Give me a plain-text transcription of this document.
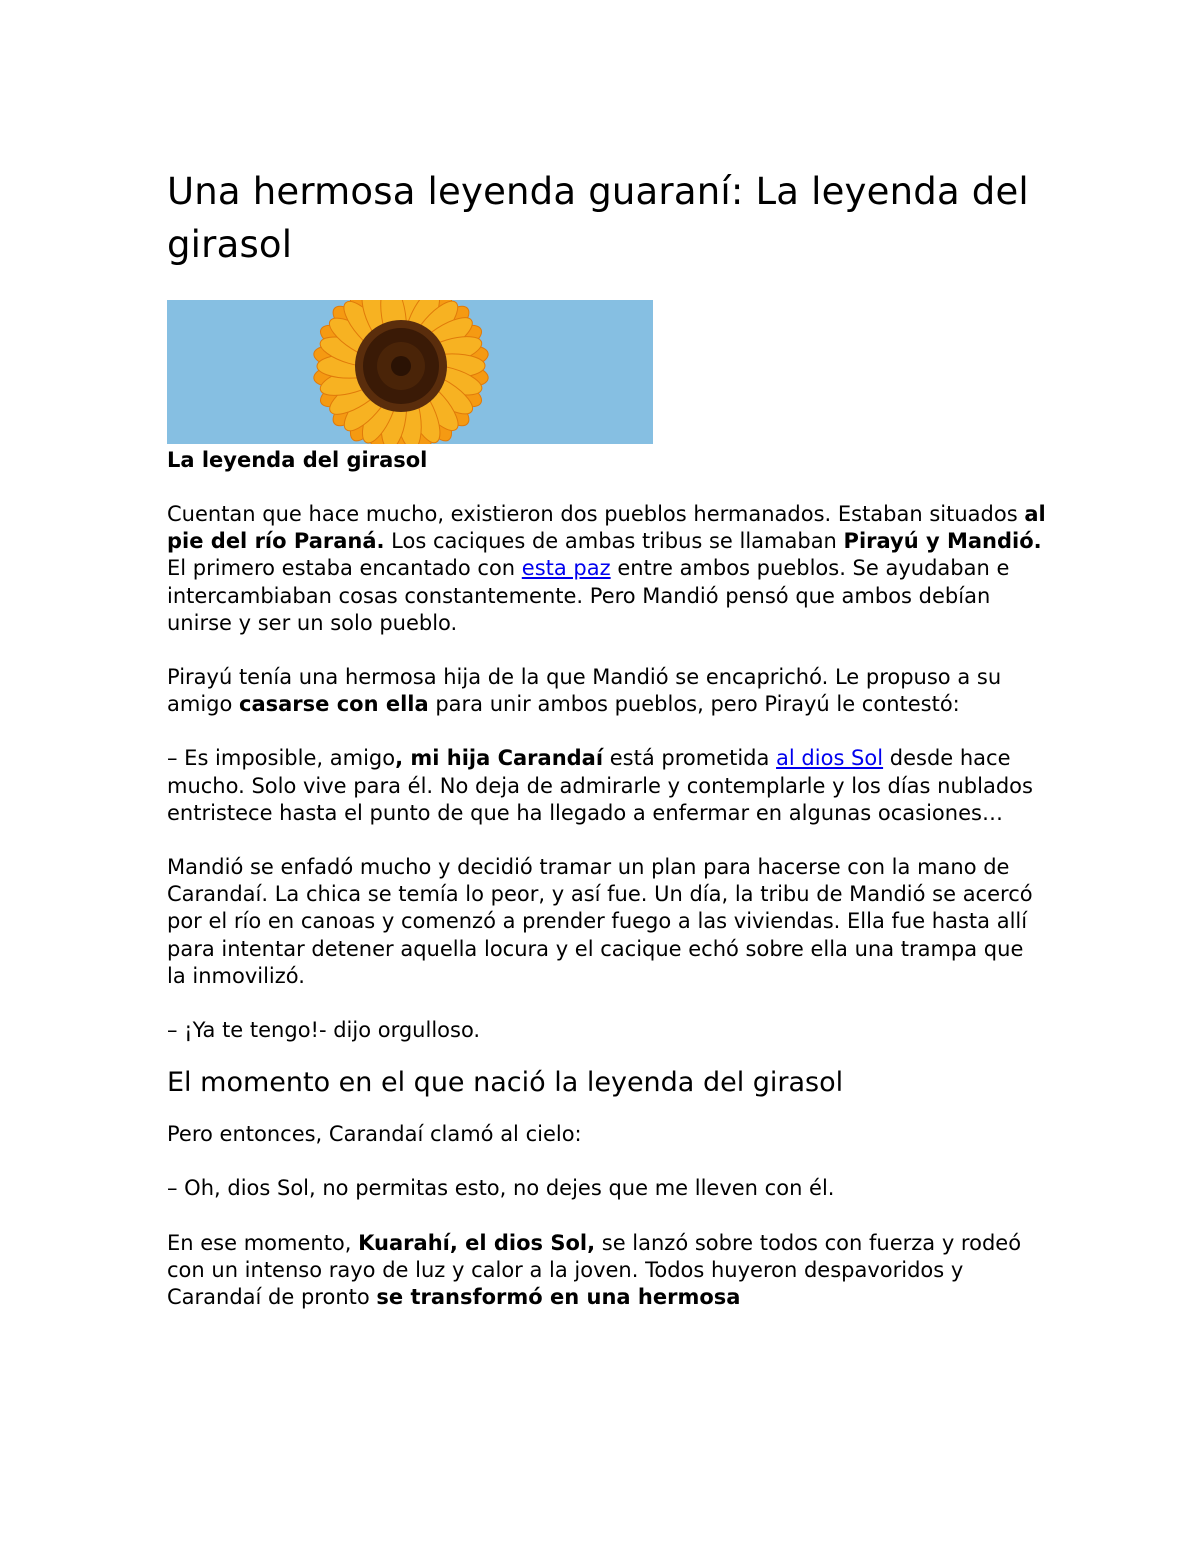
Una hermosa leyenda guaraní: La leyenda del girasol
La leyenda del girasol

Cuentan que hace mucho, existieron dos pueblos hermanados. Estaban situados al pie del río Paraná. Los caciques de ambas tribus se llamaban Pirayú y Mandió. El primero estaba encantado con esta paz entre ambos pueblos. Se ayudaban e intercambiaban cosas constantemente. Pero Mandió pensó que ambos debían unirse y ser un solo pueblo.

Pirayú tenía una hermosa hija de la que Mandió se encaprichó. Le propuso a su amigo casarse con ella para unir ambos pueblos, pero Pirayú le contestó:

– Es imposible, amigo, mi hija Carandaí está prometida al dios Sol desde hace mucho. Solo vive para él. No deja de admirarle y contemplarle y los días nublados entristece hasta el punto de que ha llegado a enfermar en algunas ocasiones…

Mandió se enfadó mucho y decidió tramar un plan para hacerse con la mano de Carandaí. La chica se temía lo peor, y así fue. Un día, la tribu de Mandió se acercó por el río en canoas y comenzó a prender fuego a las viviendas. Ella fue hasta allí para intentar detener aquella locura y el cacique echó sobre ella una trampa que la inmovilizó.

– ¡Ya te tengo!- dijo orgulloso.

El momento en el que nació la leyenda del girasol

Pero entonces, Carandaí clamó al cielo:

– Oh, dios Sol, no permitas esto, no dejes que me lleven con él.

En ese momento, Kuarahí, el dios Sol, se lanzó sobre todos con fuerza y rodeó con un intenso rayo de luz y calor a la joven. Todos huyeron despavoridos y Carandaí de pronto se transformó en una hermosa
